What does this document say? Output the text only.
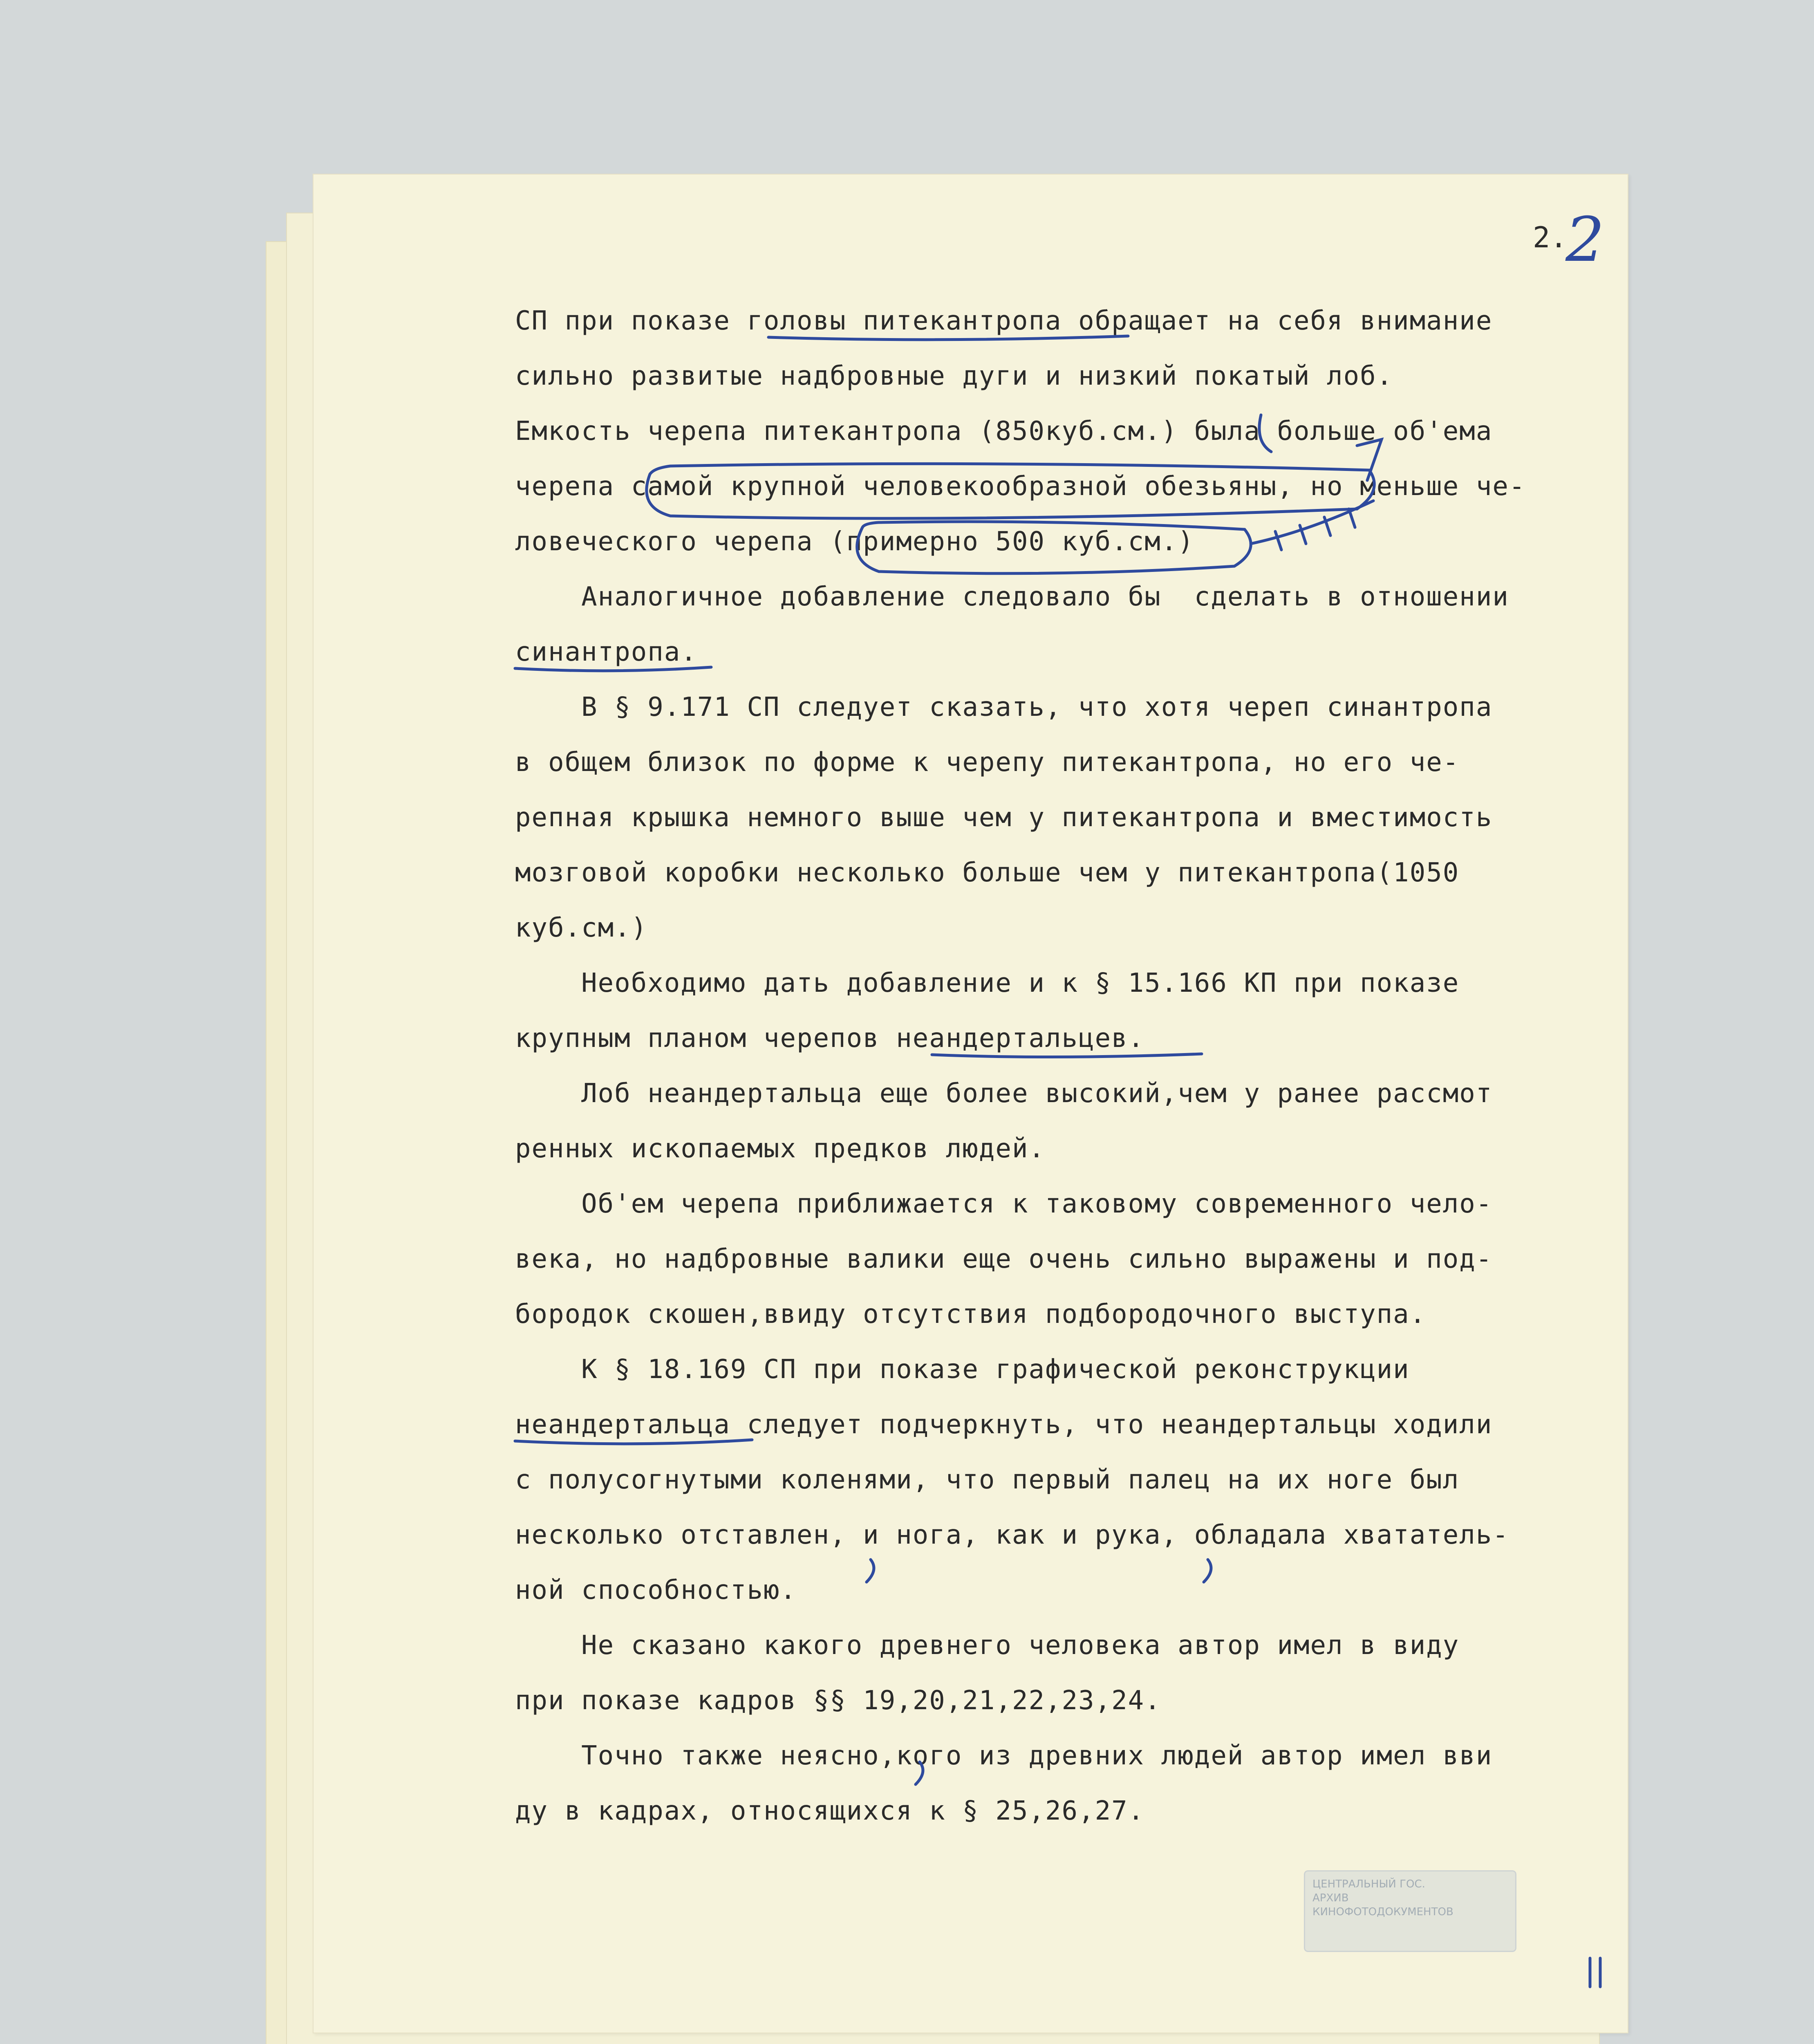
2.
2
СП при показе головы питекантропа обращает на себя внимание
сильно развитые надбровные дуги и низкий покатый лоб.
Емкость черепа питекантропа (850куб.см.) была больше об'ема
черепа самой крупной человекообразной обезьяны, но меньше че-
ловеческого черепа (примерно 500 куб.см.)
Аналогичное добавление следовало бы  сделать в отношении
синантропа.
В § 9.171 СП следует сказать, что хотя череп синантропа
в общем близок по форме к черепу питекантропа, но его че-
репная крышка немного выше чем у питекантропа и вместимость
мозговой коробки несколько больше чем у питекантропа(1050
куб.см.)
Необходимо дать добавление и к § 15.166 КП при показе
крупным планом черепов неандертальцев.
Лоб неандертальца еще более высокий,чем у ранее рассмот
ренных ископаемых предков людей.
Об'ем черепа приближается к таковому современного чело-
века, но надбровные валики еще очень сильно выражены и под-
бородок скошен,ввиду отсутствия подбородочного выступа.
К § 18.169 СП при показе графической реконструкции
неандертальца следует подчеркнуть, что неандертальцы ходили
с полусогнутыми коленями, что первый палец на их ноге был
несколько отставлен, и нога, как и рука, обладала хвататель-
ной способностью.
Не сказано какого древнего человека автор имел в виду
при показе кадров §§ 19,20,21,22,23,24.
Точно также неясно,кого из древних людей автор имел вви
ду в кадрах, относящихся к § 25,26,27.
ЦЕНТРАЛЬНЫЙ ГОС.
АРХИВ
КИНОФОТОДОКУМЕНТОВ
